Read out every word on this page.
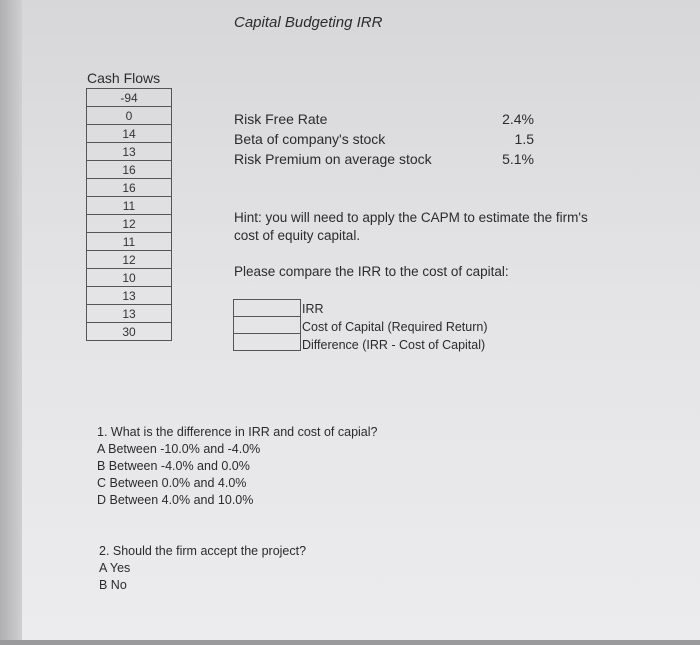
Capital Budgeting IRR
Cash Flows
-94
0
14
13
16
16
11
12
11
12
10
13
13
30
Risk Free Rate	2.4%
Beta of company's stock	1.5
Risk Premium on average stock	5.1%
Hint: you will need to apply the CAPM to estimate the firm's cost of equity capital.
Please compare the IRR to the cost of capital:

IRR
Cost of Capital (Required Return)
Difference (IRR - Cost of Capital)
1. What is the difference in IRR and cost of capial?
A Between -10.0% and -4.0%
B Between -4.0% and 0.0%
C Between 0.0% and 4.0%
D Between 4.0% and 10.0%
2. Should the firm accept the project?
A Yes
B No
